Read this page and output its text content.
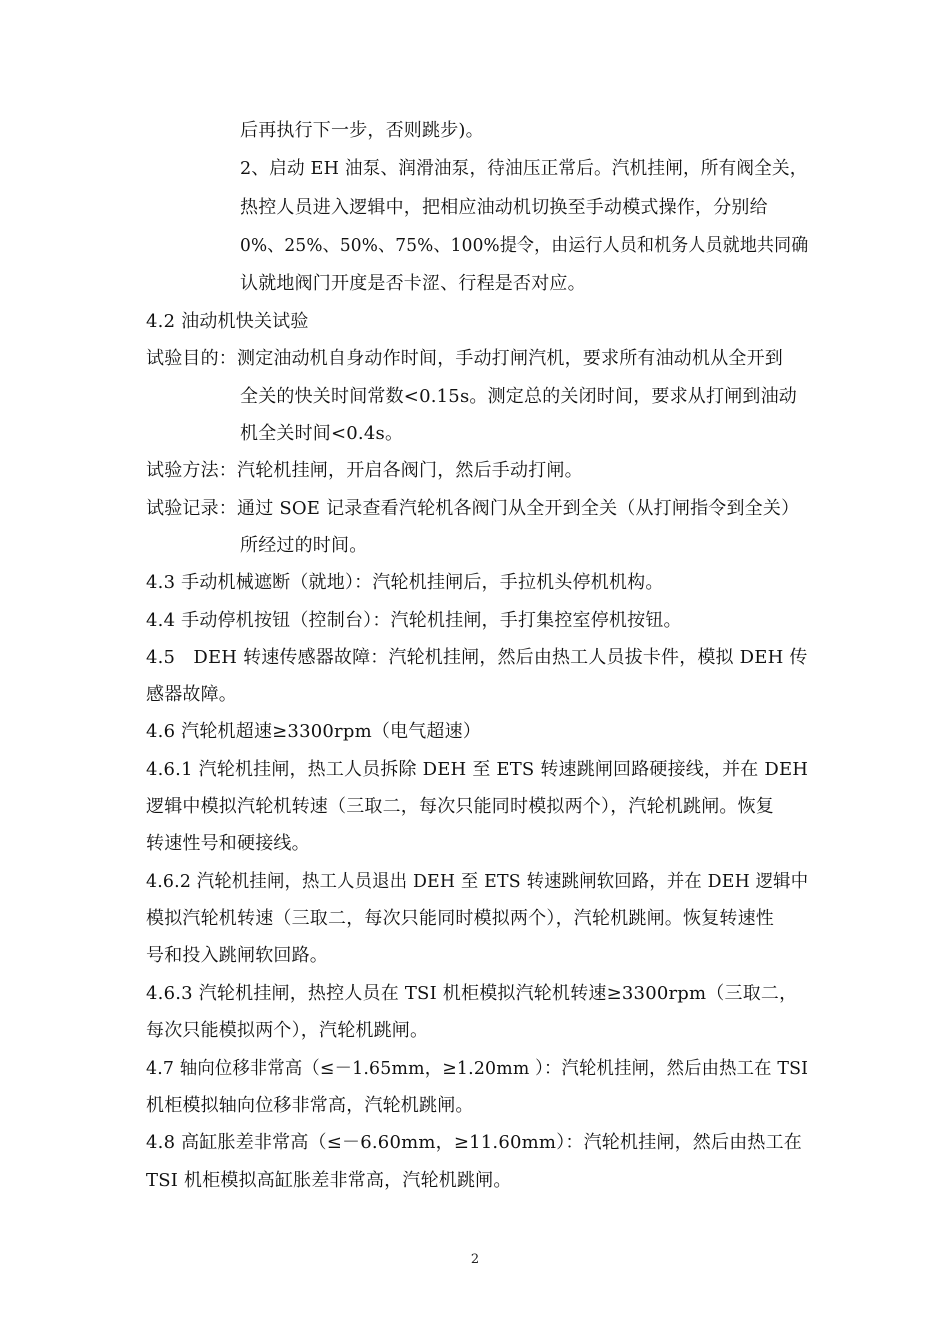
后再执行下一步，否则跳步)。
2、启动 EH 油泵、润滑油泵，待油压正常后。汽机挂闸，所有阀全关，
热控人员进入逻辑中，把相应油动机切换至手动模式操作，分别给
0%、25%、50%、75%、100%提令，由运行人员和机务人员就地共同确
认就地阀门开度是否卡涩、行程是否对应。
4.2 油动机快关试验
试验目的：测定油动机自身动作时间，手动打闸汽机，要求所有油动机从全开到
全关的快关时间常数<0.15s。测定总的关闭时间，要求从打闸到油动
机全关时间<0.4s。
试验方法：汽轮机挂闸，开启各阀门，然后手动打闸。
试验记录：通过 SOE 记录查看汽轮机各阀门从全开到全关（从打闸指令到全关）
所经过的时间。
4.3 手动机械遮断（就地）：汽轮机挂闸后，手拉机头停机机构。
4.4 手动停机按钮（控制台）：汽轮机挂闸，手打集控室停机按钮。
4.5　DEH 转速传感器故障：汽轮机挂闸，然后由热工人员拔卡件，模拟 DEH 传
感器故障。
4.6 汽轮机超速≥3300rpm（电气超速）
4.6.1 汽轮机挂闸，热工人员拆除 DEH 至 ETS 转速跳闸回路硬接线，并在 DEH
逻辑中模拟汽轮机转速（三取二，每次只能同时模拟两个），汽轮机跳闸。恢复
转速性号和硬接线。
4.6.2 汽轮机挂闸，热工人员退出 DEH 至 ETS 转速跳闸软回路，并在 DEH 逻辑中
模拟汽轮机转速（三取二，每次只能同时模拟两个），汽轮机跳闸。恢复转速性
号和投入跳闸软回路。
4.6.3 汽轮机挂闸，热控人员在 TSI 机柜模拟汽轮机转速≥3300rpm（三取二，
每次只能模拟两个），汽轮机跳闸。
4.7 轴向位移非常高（≤－1.65mm，≥1.20mm ）：汽轮机挂闸，然后由热工在 TSI
机柜模拟轴向位移非常高，汽轮机跳闸。
4.8 高缸胀差非常高（≤－6.60mm，≥11.60mm）：汽轮机挂闸，然后由热工在
TSI 机柜模拟高缸胀差非常高，汽轮机跳闸。
2
